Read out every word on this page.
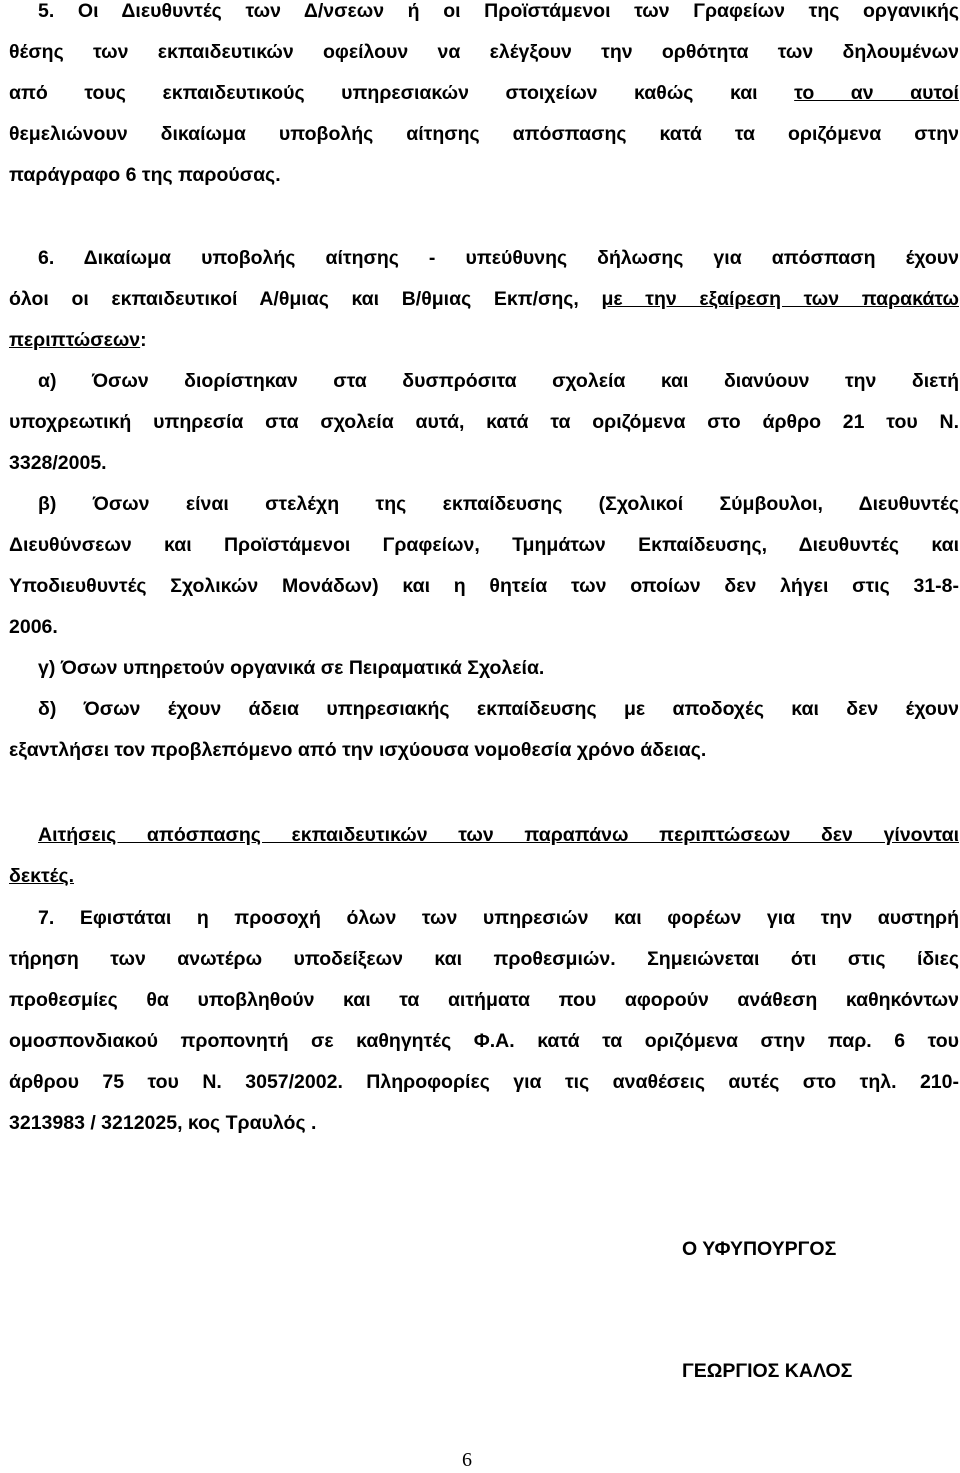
5. Οι Διευθυντές των Δ/νσεων ή οι Προϊστάμενοι των Γραφείων της οργανικής
θέσης των εκπαιδευτικών οφείλουν να ελέγξουν την ορθότητα των δηλουμένων
από τους εκπαιδευτικούς υπηρεσιακών στοιχείων καθώς και το αν αυτοί
θεμελιώνουν δικαίωμα υποβολής αίτησης απόσπασης κατά τα οριζόμενα στην
παράγραφο 6 της παρούσας.
6. Δικαίωμα υποβολής αίτησης - υπεύθυνης δήλωσης για απόσπαση έχουν
όλοι οι εκπαιδευτικοί Α/θμιας και Β/θμιας Εκπ/σης, με την εξαίρεση των παρακάτω
περιπτώσεων:
α) Όσων διορίστηκαν στα δυσπρόσιτα σχολεία και διανύουν την διετή
υποχρεωτική υπηρεσία στα σχολεία αυτά, κατά τα οριζόμενα στο άρθρο 21 του Ν.
3328/2005.
β) Όσων είναι στελέχη της εκπαίδευσης (Σχολικοί Σύμβουλοι, Διευθυντές
Διευθύνσεων και Προϊστάμενοι Γραφείων, Τμημάτων Εκπαίδευσης, Διευθυντές και
Υποδιευθυντές Σχολικών Μονάδων) και η θητεία των οποίων δεν λήγει στις 31-8-
2006.
γ) Όσων υπηρετούν οργανικά σε Πειραματικά Σχολεία.
δ) Όσων έχουν άδεια υπηρεσιακής εκπαίδευσης με αποδοχές και δεν έχουν
εξαντλήσει τον προβλεπόμενο από την ισχύουσα νομοθεσία χρόνο άδειας.
Αιτήσεις απόσπασης εκπαιδευτικών των παραπάνω περιπτώσεων δεν γίνονται
δεκτές.
7. Εφιστάται η προσοχή όλων των υπηρεσιών και φορέων για την αυστηρή
τήρηση των ανωτέρω υποδείξεων και προθεσμιών. Σημειώνεται ότι στις ίδιες
προθεσμίες θα υποβληθούν και τα αιτήματα που αφορούν ανάθεση καθηκόντων
ομοσπονδιακού προπονητή σε καθηγητές Φ.Α. κατά τα οριζόμενα στην παρ. 6 του
άρθρου 75 του Ν. 3057/2002. Πληροφορίες για τις αναθέσεις αυτές στο τηλ. 210-
3213983 / 3212025, κος Τραυλός .
Ο ΥΦΥΠΟΥΡΓΟΣ
ΓΕΩΡΓΙΟΣ ΚΑΛΟΣ
6
